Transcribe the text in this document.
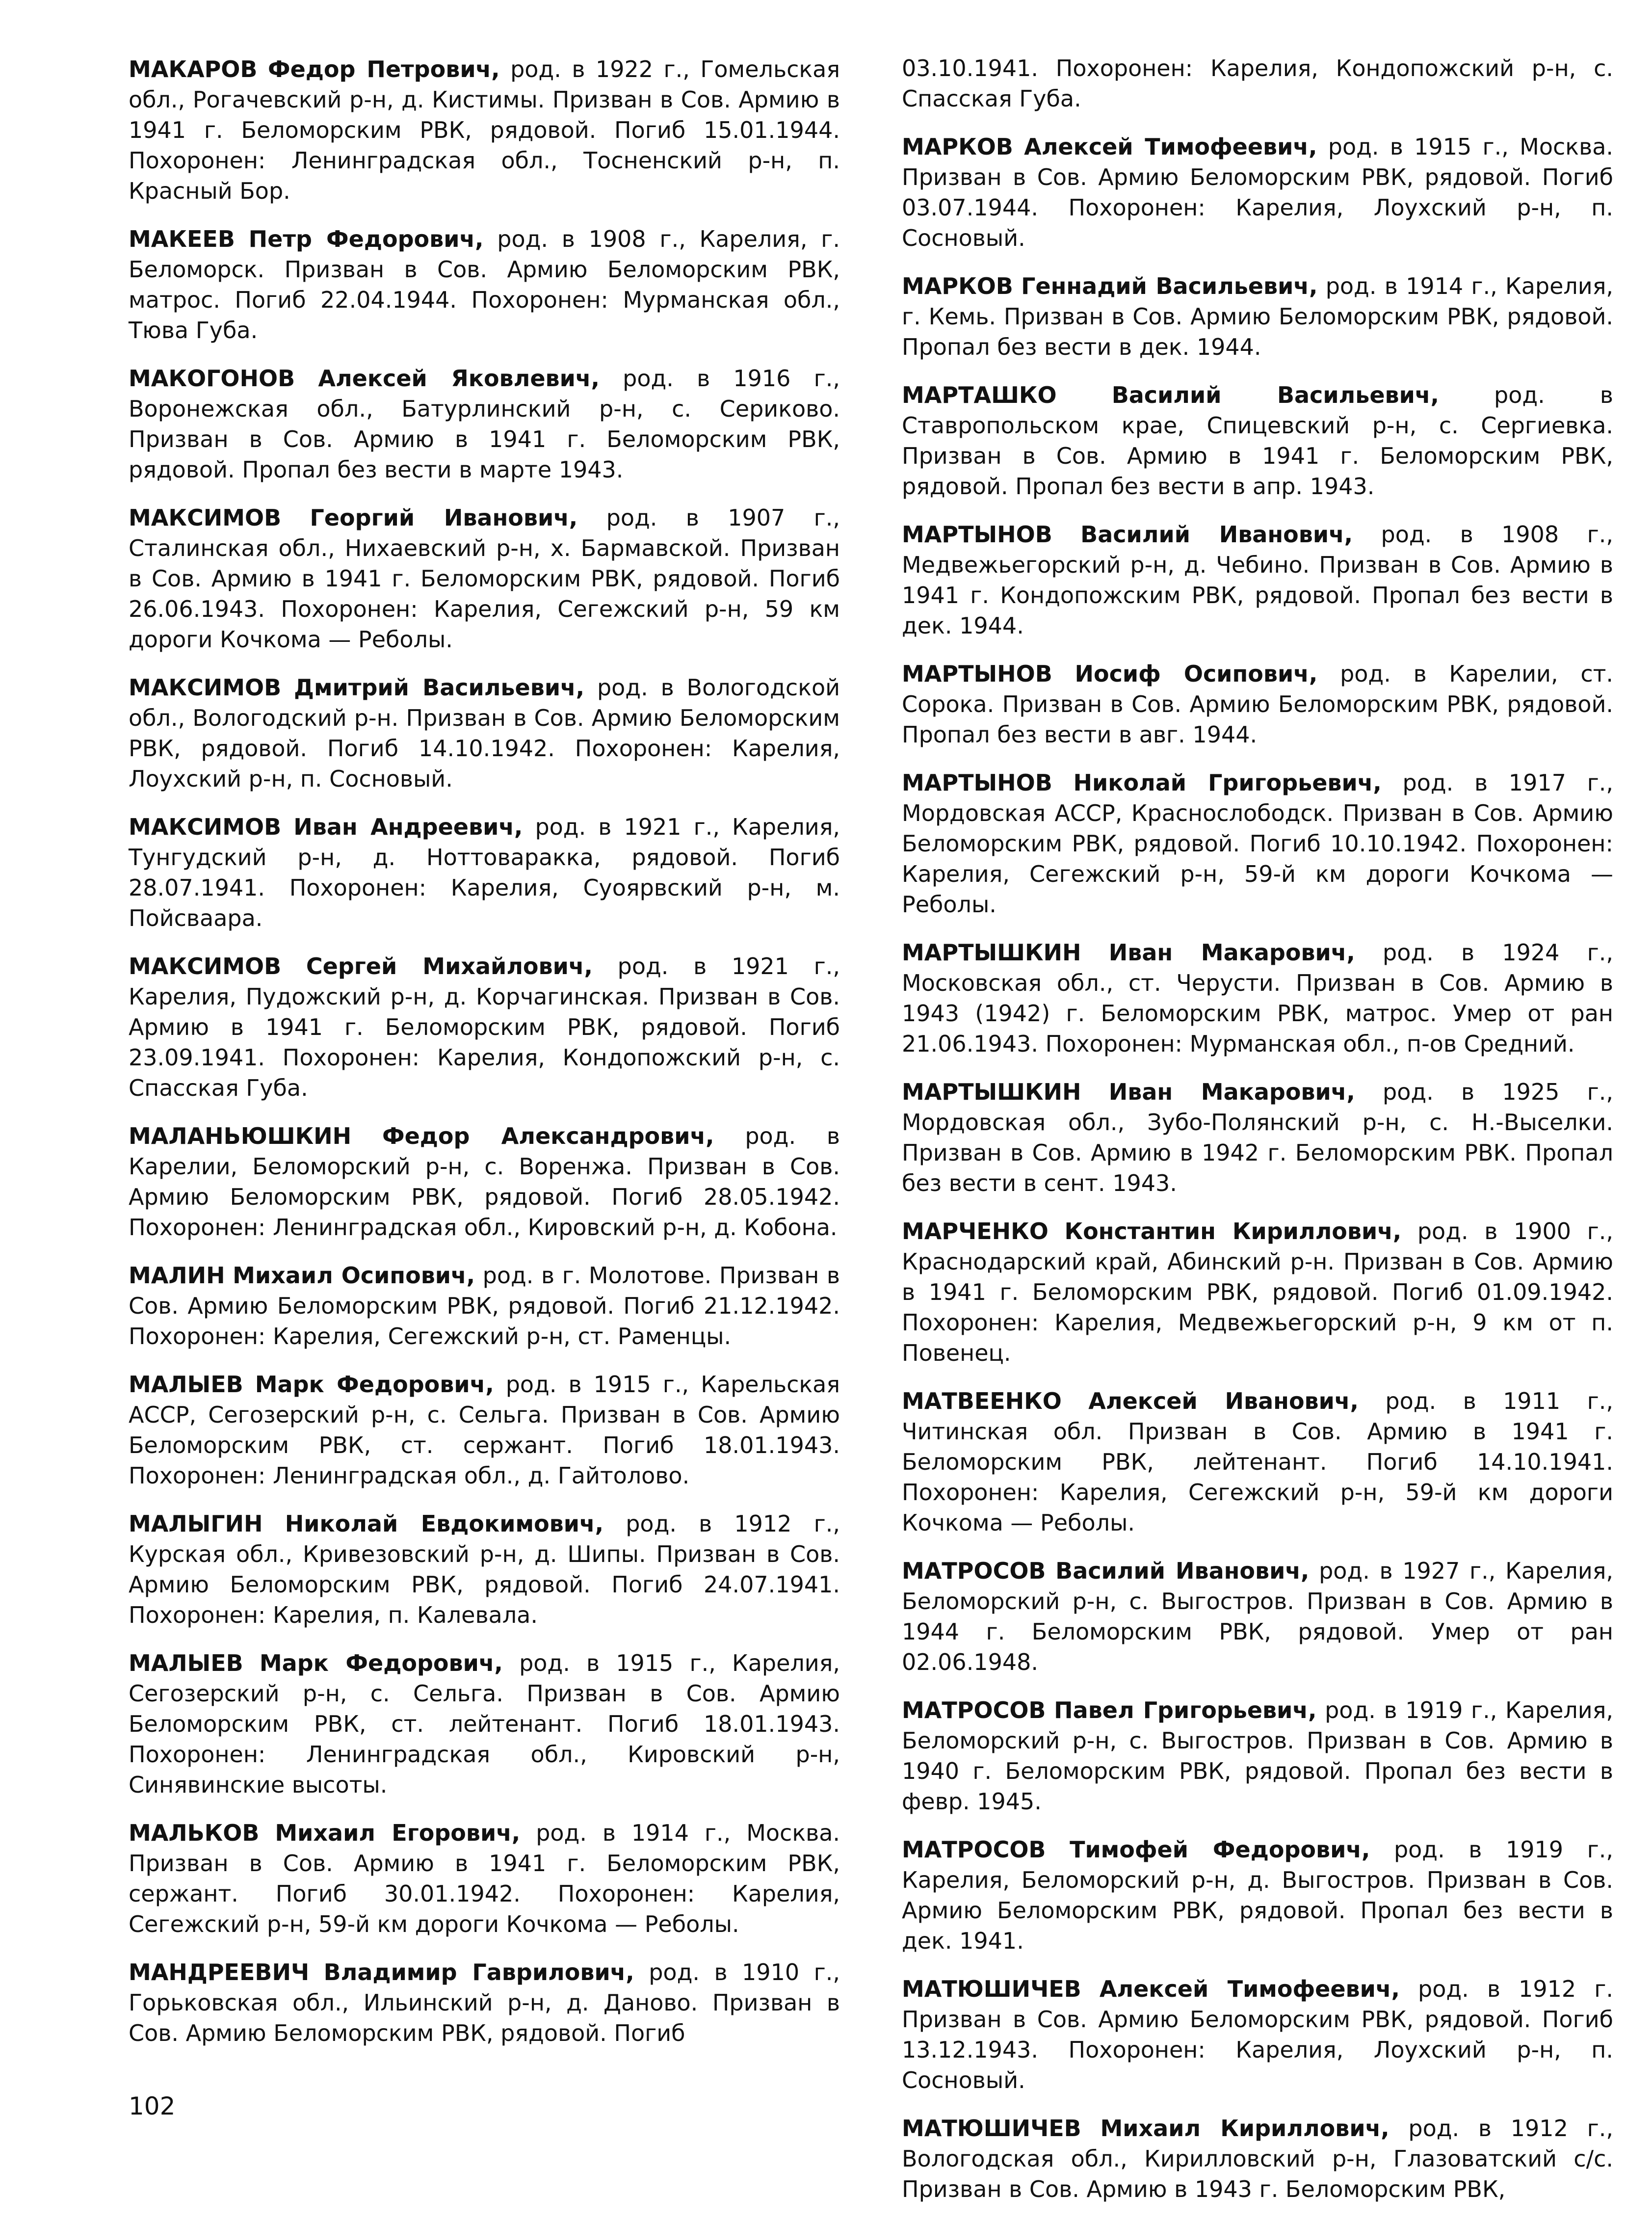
МАКАРОВ Федор Петрович, род. в 1922 г., Гомельская обл., Рогачевский р-н, д. Кистимы. Призван в Сов. Армию в 1941 г. Беломорским РВК, рядовой. Погиб 15.01.1944. Похоронен: Ленинградская обл., Тосненский р-н, п. Красный Бор.

МАКЕЕВ Петр Федорович, род. в 1908 г., Карелия, г. Беломорск. Призван в Сов. Армию Беломорским РВК, матрос. Погиб 22.04.1944. Похоронен: Мурманская обл., Тюва Губа.

МАКОГОНОВ Алексей Яковлевич, род. в 1916 г., Воронежская обл., Батурлинский р-н, с. Сериково. Призван в Сов. Армию в 1941 г. Беломорским РВК, рядовой. Пропал без вести в марте 1943.

МАКСИМОВ Георгий Иванович, род. в 1907 г., Сталинская обл., Нихаевский р-н, х. Бармавской. Призван в Сов. Армию в 1941 г. Беломорским РВК, рядовой. Погиб 26.06.1943. Похоронен: Карелия, Сегежский р-н, 59 км дороги Кочкома — Реболы.

МАКСИМОВ Дмитрий Васильевич, род. в Вологодской обл., Вологодский р-н. Призван в Сов. Армию Беломорским РВК, рядовой. Погиб 14.10.1942. Похоронен: Карелия, Лоухский р-н, п. Сосновый.

МАКСИМОВ Иван Андреевич, род. в 1921 г., Карелия, Тунгудский р-н, д. Ноттоваракка, рядовой. Погиб 28.07.1941. Похоронен: Карелия, Суоярвский р-н, м. Пойсваара.

МАКСИМОВ Сергей Михайлович, род. в 1921 г., Карелия, Пудожский р-н, д. Корчагинская. Призван в Сов. Армию в 1941 г. Беломорским РВК, рядовой. Погиб 23.09.1941. Похоронен: Карелия, Кондопожский р-н, с. Спасская Губа.

МАЛАНЬЮШКИН Федор Александрович, род. в Карелии, Беломорский р-н, с. Воренжа. Призван в Сов. Армию Беломорским РВК, рядовой. Погиб 28.05.1942. Похоронен: Ленинградская обл., Кировский р-н, д. Кобона.

МАЛИН Михаил Осипович, род. в г. Молотове. Призван в Сов. Армию Беломорским РВК, рядовой. Погиб 21.12.1942. Похоронен: Карелия, Сегежский р-н, ст. Раменцы.

МАЛЫЕВ Марк Федорович, род. в 1915 г., Карельская АССР, Сегозерский р-н, с. Сельга. Призван в Сов. Армию Беломорским РВК, ст. сержант. Погиб 18.01.1943. Похоронен: Ленинградская обл., д. Гайтолово.

МАЛЫГИН Николай Евдокимович, род. в 1912 г., Курская обл., Кривезовский р-н, д. Шипы. Призван в Сов. Армию Беломорским РВК, рядовой. Погиб 24.07.1941. Похоронен: Карелия, п. Калевала.

МАЛЫЕВ Марк Федорович, род. в 1915 г., Карелия, Сегозерский р-н, с. Сельга. Призван в Сов. Армию Беломорским РВК, ст. лейтенант. Погиб 18.01.1943. Похоронен: Ленинградская обл., Кировский р-н, Синявинские высоты.

МАЛЬКОВ Михаил Егорович, род. в 1914 г., Москва. Призван в Сов. Армию в 1941 г. Беломорским РВК, сержант. Погиб 30.01.1942. Похоронен: Карелия, Сегежский р-н, 59-й км дороги Кочкома — Реболы.

МАНДРЕЕВИЧ Владимир Гаврилович, род. в 1910 г., Горьковская обл., Ильинский р-н, д. Даново. Призван в Сов. Армию Беломорским РВК, рядовой. Погиб

03.10.1941. Похоронен: Карелия, Кондопожский р-н, с. Спасская Губа.

МАРКОВ Алексей Тимофеевич, род. в 1915 г., Москва. Призван в Сов. Армию Беломорским РВК, рядовой. Погиб 03.07.1944. Похоронен: Карелия, Лоухский р-н, п. Сосновый.

МАРКОВ Геннадий Васильевич, род. в 1914 г., Карелия, г. Кемь. Призван в Сов. Армию Беломорским РВК, рядовой. Пропал без вести в дек. 1944.

МАРТАШКО Василий Васильевич, род. в Ставропольском крае, Спицевский р-н, с. Сергиевка. Призван в Сов. Армию в 1941 г. Беломорским РВК, рядовой. Пропал без вести в апр. 1943.

МАРТЫНОВ Василий Иванович, род. в 1908 г., Медвежьегорский р-н, д. Чебино. Призван в Сов. Армию в 1941 г. Кондопожским РВК, рядовой. Пропал без вести в дек. 1944.

МАРТЫНОВ Иосиф Осипович, род. в Карелии, ст. Сорока. Призван в Сов. Армию Беломорским РВК, рядовой. Пропал без вести в авг. 1944.

МАРТЫНОВ Николай Григорьевич, род. в 1917 г., Мордовская АССР, Краснослободск. Призван в Сов. Армию Беломорским РВК, рядовой. Погиб 10.10.1942. Похоронен: Карелия, Сегежский р-н, 59-й км дороги Кочкома — Реболы.

МАРТЫШКИН Иван Макарович, род. в 1924 г., Московская обл., ст. Черусти. Призван в Сов. Армию в 1943 (1942) г. Беломорским РВК, матрос. Умер от ран 21.06.1943. Похоронен: Мурманская обл., п-ов Средний.

МАРТЫШКИН Иван Макарович, род. в 1925 г., Мордовская обл., Зубо-Полянский р-н, с. Н.-Выселки. Призван в Сов. Армию в 1942 г. Беломорским РВК. Пропал без вести в сент. 1943.

МАРЧЕНКО Константин Кириллович, род. в 1900 г., Краснодарский край, Абинский р-н. Призван в Сов. Армию в 1941 г. Беломорским РВК, рядовой. Погиб 01.09.1942. Похоронен: Карелия, Медвежьегорский р-н, 9 км от п. Повенец.

МАТВЕЕНКО Алексей Иванович, род. в 1911 г., Читинская обл. Призван в Сов. Армию в 1941 г. Беломорским РВК, лейтенант. Погиб 14.10.1941. Похоронен: Карелия, Сегежский р-н, 59-й км дороги Кочкома — Реболы.

МАТРОСОВ Василий Иванович, род. в 1927 г., Карелия, Беломорский р-н, с. Выгостров. Призван в Сов. Армию в 1944 г. Беломорским РВК, рядовой. Умер от ран 02.06.1948.

МАТРОСОВ Павел Григорьевич, род. в 1919 г., Карелия, Беломорский р-н, с. Выгостров. Призван в Сов. Армию в 1940 г. Беломорским РВК, рядовой. Пропал без вести в февр. 1945.

МАТРОСОВ Тимофей Федорович, род. в 1919 г., Карелия, Беломорский р-н, д. Выгостров. Призван в Сов. Армию Беломорским РВК, рядовой. Пропал без вести в дек. 1941.

МАТЮШИЧЕВ Алексей Тимофеевич, род. в 1912 г. Призван в Сов. Армию Беломорским РВК, рядовой. Погиб 13.12.1943. Похоронен: Карелия, Лоухский р-н, п. Сосновый.

МАТЮШИЧЕВ Михаил Кириллович, род. в 1912 г., Вологодская обл., Кирилловский р-н, Глазоватский с/с. Призван в Сов. Армию в 1943 г. Беломорским РВК,

102
